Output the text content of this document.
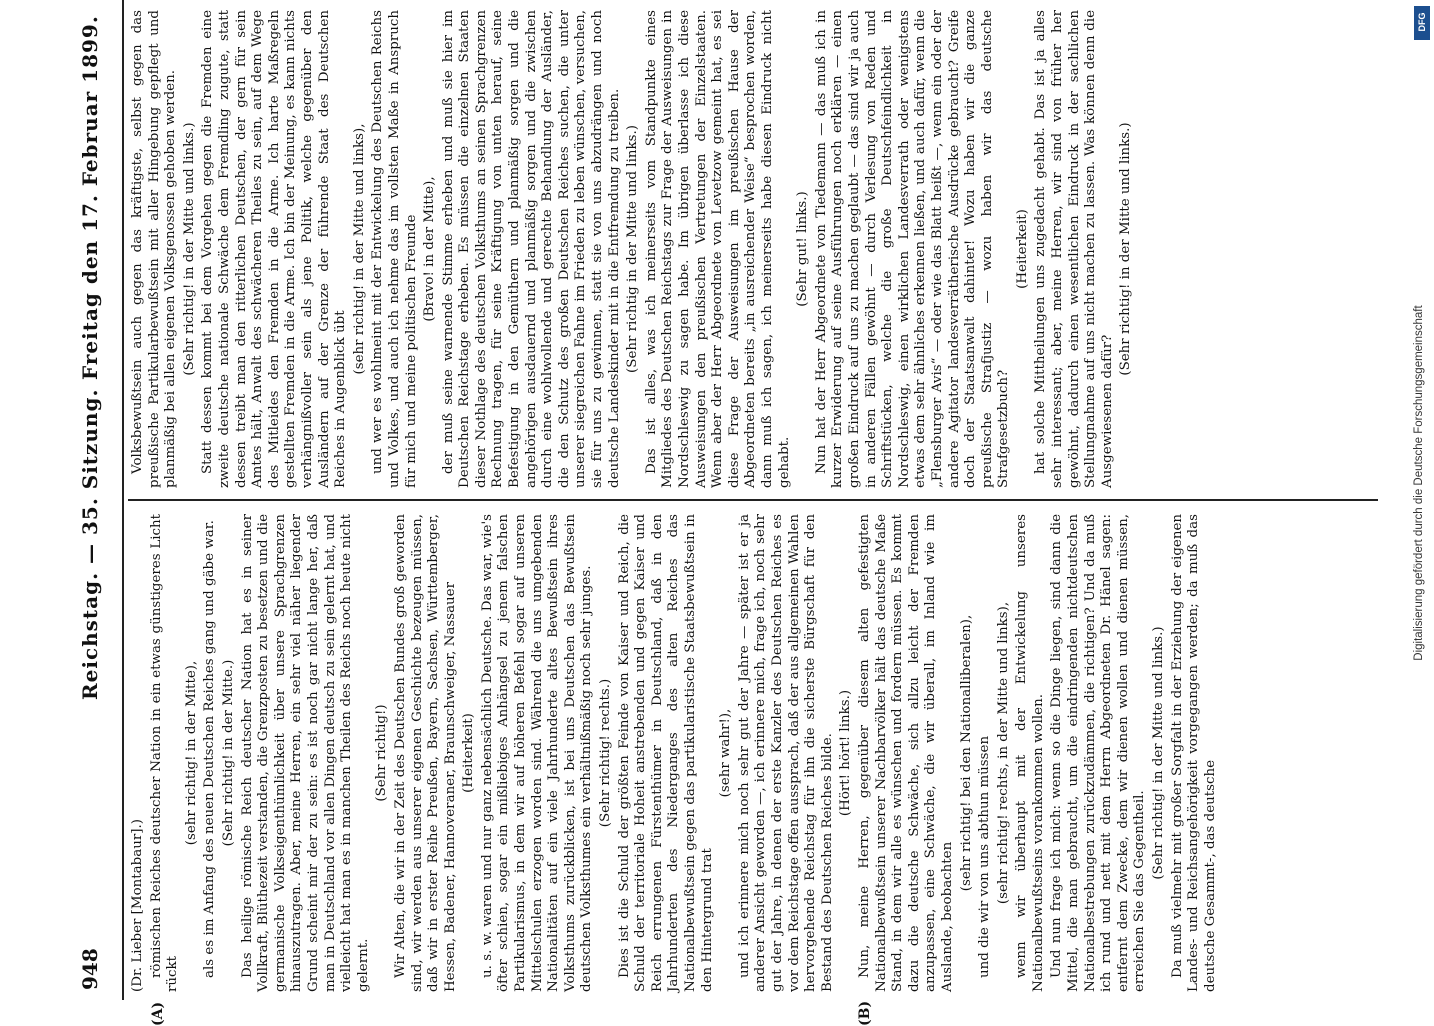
948
Reichstag. — 35. Sitzung.
Freitag den 17. Februar 1899.
(A)	(B)

(Dr. Lieber [Montabaur].) römischen Reiches deutscher Nation in ein etwas günstigeres Licht rückt

(sehr richtig! in der Mitte), als es im Anfang des neuen Deutschen Reiches gang und gäbe war. (Sehr richtig! in der Mitte.) Das heilige römische Reich deutscher Nation hat es in seiner Vollkraft, Blüthezeit verstanden, die Grenzposten zu besetzen und die germanische Volkseigenthümlichkeit über unsere Sprachgrenzen hinauszutragen. Aber, meine Herren, ein sehr viel näher liegender Grund scheint mir der zu sein: es ist noch gar nicht lange her, daß man in Deutschland vor allen Dingen deutsch zu sein gelernt hat, und vielleicht hat man es in manchen Theilen des Reichs noch heute nicht gelernt.

(Sehr richtig!) Wir Alten, die wir in der Zeit des Deutschen Bundes groß geworden sind, wir werden aus unserer eigenen Geschichte bezeugen müssen, daß wir in erster Reihe Preußen, Bayern, Sachsen, Württemberger, Hessen, Badener, Hannoveraner, Braunschweiger, Nassauer (Heiterkeit) u. s. w. waren und nur ganz nebensächlich Deutsche. Das war, wie's öfter schien, sogar ein mißliebiges Anhängsel zu jenem falschen Partikularismus, in dem wir auf höheren Befehl sogar auf unseren Mittelschulen erzogen worden sind. Während die uns umgebenden Nationalitäten auf ein viele Jahrhunderte altes Bewußtsein ihres Volksthums zurückblicken, ist bei uns Deutschen das Bewußtsein deutschen Volksthumes ein verhältnißmäßig noch sehr junges. (Sehr richtig! rechts.) Dies ist die Schuld der größten Feinde von Kaiser und Reich, die Schuld der territoriale Hoheit anstrebenden und gegen Kaiser und Reich errungenen Fürstenthümer in Deutschland, daß in den Jahrhunderten des Niederganges des alten Reiches das Nationalbewußtsein gegen das partikularistische Staatsbewußtsein in den Hintergrund trat

(sehr wahr!), und ich erinnere mich noch sehr gut der Jahre — später ist er ja anderer Ansicht geworden —, ich erinnere mich, frage ich, noch sehr gut der Jahre, in denen der erste Kanzler des Deutschen Reiches es vor dem Reichstage offen aussprach, daß der aus allgemeinen Wahlen hervorgehende Reichstag für ihn die sicherste Bürgschaft für den Bestand des Deutschen Reiches bilde. (Hört! hört! links.) Nun, meine Herren, gegenüber diesem alten gefestigten Nationalbewußtsein unserer Nachbarvölker hält das deutsche Maße Stand, in dem wir alle es wünschen und fordern müssen. Es kommt dazu die deutsche Schwäche, sich allzu leicht der Fremden anzupassen, eine Schwäche, die wir überall, im Inland wie im Auslande, beobachten

(sehr richtig! bei den Nationalliberalen), und die wir von uns abthun müssen (sehr richtig! rechts, in der Mitte und links), wenn wir überhaupt mit der Entwickelung unseres Nationalbewußtseins vorankommen wollen. Und nun frage ich mich: wenn so die Dinge liegen, sind dann die Mittel, die man gebraucht, um die eindringenden nichtdeutschen Nationalbestrebungen zurückzudämmen, die richtigen? Und da muß ich rund und nett mit dem Herrn Abgeordneten Dr. Hänel sagen: entfernt dem Zwecke, dem wir dienen wollen und dienen müssen, erreichen Sie das Gegentheil.

(Sehr richtig! in der Mitte und links.) Da muß vielmehr mit großer Sorgfalt in der Erziehung der eigenen Landes- und Reichsangehörigkeit vorgegangen werden; da muß das deutsche Gesammt-, das deutsche

Volksbewußtsein auch gegen das kräftigste, selbst gegen das preußische Partikularbewußtsein mit aller Hingebung gepflegt und planmäßig bei allen eigenen Volksgenossen gehoben werden. (Sehr richtig! in der Mitte und links.) Statt dessen kommt bei dem Vorgehen gegen die Fremden eine zweite deutsche nationale Schwäche dem Fremdling zugute, statt dessen treibt man den ritterlichen Deutschen, der gern für sein Amtes hält, Anwalt des schwächeren Theiles zu sein, auf dem Wege des Mitleides den Fremden in die Arme. Ich harte Maßregeln gestellten Fremden in die Arme. Ich bin der Meinung, es kann nichts verhängnißvoller sein als jene Politik, welche gegenüber den Ausländern auf der Grenze der führende Staat des Deutschen Reiches in Augenblick übt

(sehr richtig! in der Mitte und links), und wer es wohlmeint mit der Entwickelung des Deutschen Reichs und Volkes, und auch ich nehme das im vollsten Maße in Anspruch für mich und meine politischen Freunde (Bravo! in der Mitte), der muß seine warnende Stimme erheben und muß sie hier im Deutschen Reichstage erheben. Es müssen die einzelnen Staaten dieser Nothlage des deutschen Volksthums an seinen Sprachgrenzen Rechnung tragen, für seine Kräftigung von unten herauf, seine Befestigung in den Gemüthern und planmäßig sorgen und die angehörigen ausdauernd und planmäßig sorgen und die zwischen durch eine wohlwollende und gerechte Behandlung der Ausländer, die den Schutz des großen Deutschen Reiches suchen, die unter unserer siegreichen Fahne im Frieden zu leben wünschen, versuchen, sie für uns zu gewinnen, statt sie von uns abzudrängen und noch deutsche Landeskinder mit in die Entfremdung zu treiben. (Sehr richtig in der Mitte und links.) Das ist alles, was ich meinerseits vom Standpunkte eines Mitgliedes des Deutschen Reichstags zur Frage der Ausweisungen in Nordschleswig zu sagen habe. Im übrigen überlasse ich diese Ausweisungen den preußischen Vertretungen der Einzelstaaten. Wenn aber der Herr Abgeordnete von Levetzow gemeint hat, es sei diese Frage der Ausweisungen im preußischen Hause der Abgeordneten bereits „in ausreichender Weise“ besprochen worden, dann muß ich sagen, ich meinerseits habe diesen Eindruck nicht gehabt.

(Sehr gut! links.) Nun hat der Herr Abgeordnete von Tiedemann — das muß ich in kurzer Erwiderung auf seine Ausführungen noch erklären — einen großen Eindruck auf uns zu machen geglaubt — das sind wir ja auch in anderen Fällen gewöhnt — durch Verlesung von Reden und Schriftstücken, welche die große Deutschfeindlichkeit in Nordschleswig, einen wirklichen Landesverrath oder wenigstens etwas dem sehr ähnliches erkennen ließen, und auch dafür, wenn die „Flensburger Avis“ — oder wie das Blatt heißt —, wenn ein oder der andere Agitator landesverrätherische Ausdrücke gebraucht? Greife doch der Staatsanwalt dahinter! Wozu haben wir die ganze preußische Strafjustiz — wozu haben wir das deutsche Strafgesetzbuch?

(Heiterkeit) hat solche Mittheilungen uns zugedacht gehabt. Das ist ja alles sehr interessant; aber, meine Herren, wir sind von früher her gewöhnt, dadurch einen wesentlichen Eindruck in der sachlichen Stellungnahme auf uns nicht machen zu lassen. Was können denn die Ausgewiesenen dafür?

(Sehr richtig! in der Mitte und links.)

Digitalisierung gefördert durch die Deutsche Forschungsgemeinschaft
DFG
